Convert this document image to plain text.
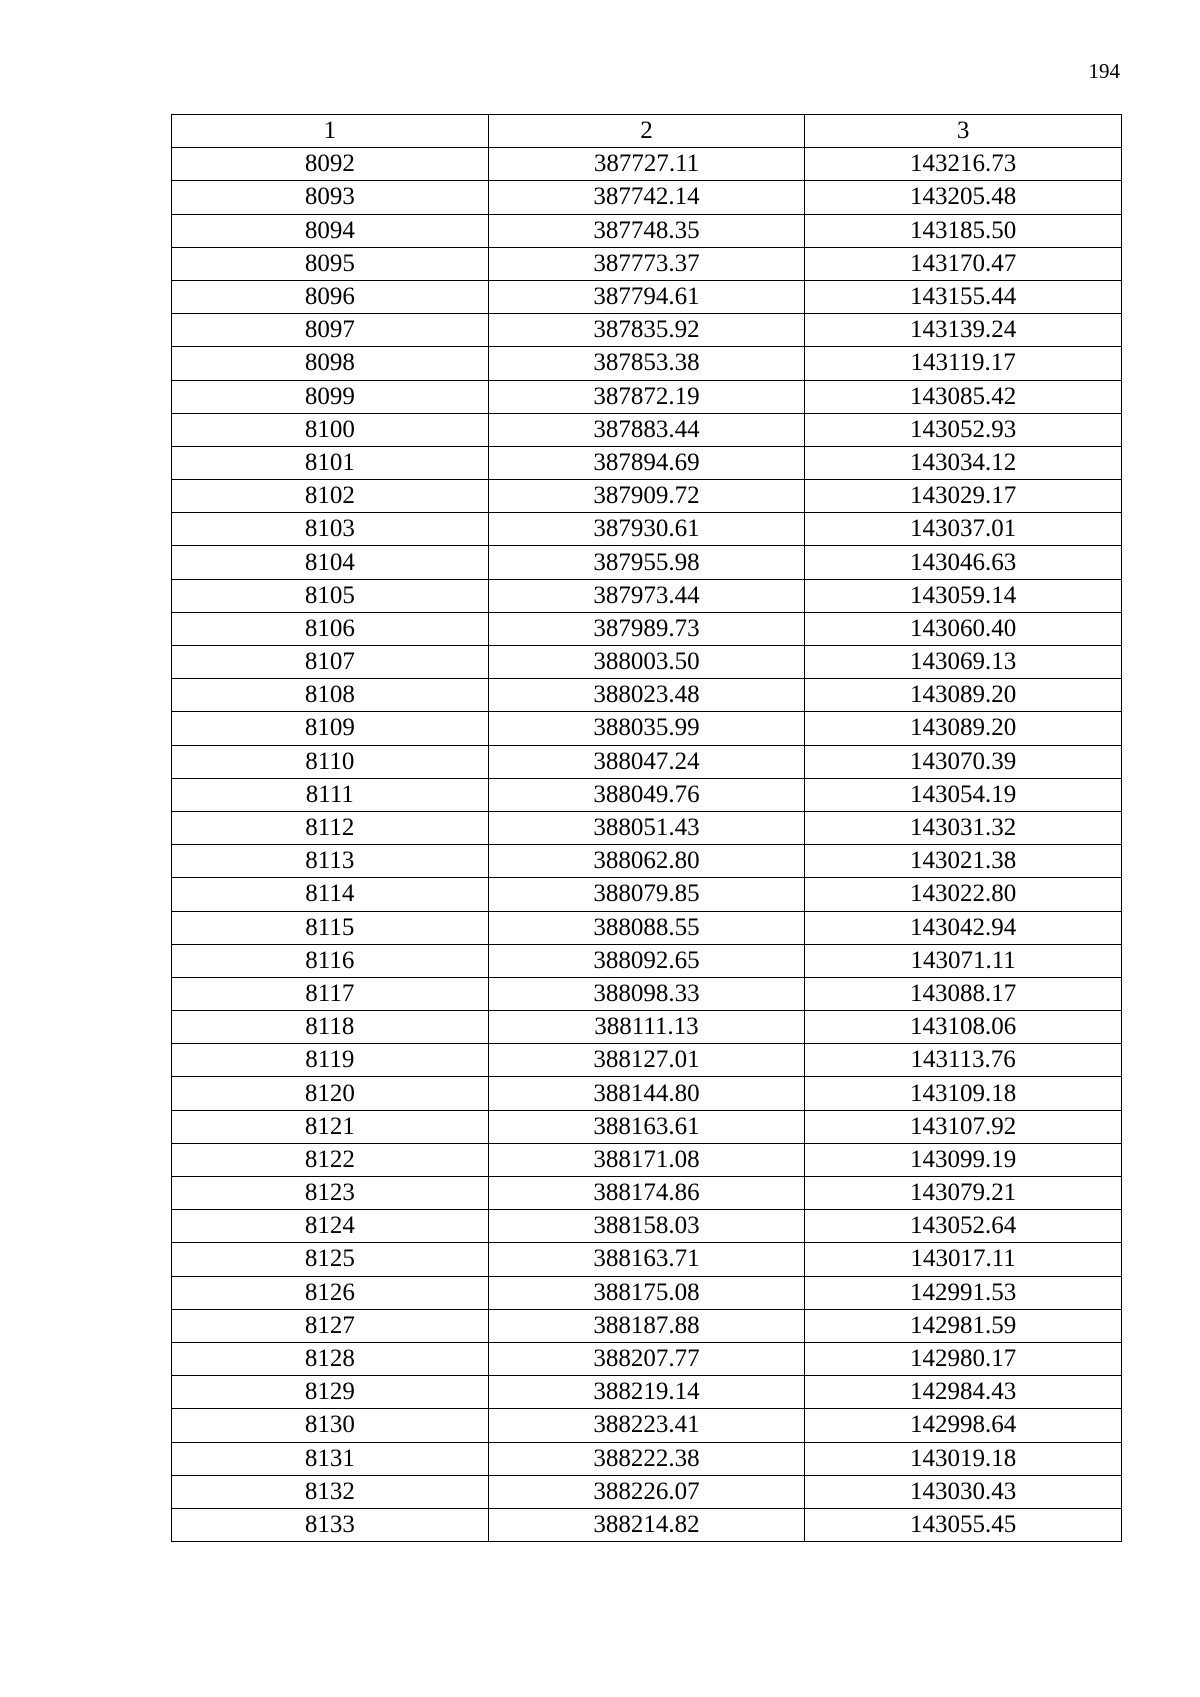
194
1	2	3
8092	387727.11	143216.73
8093	387742.14	143205.48
8094	387748.35	143185.50
8095	387773.37	143170.47
8096	387794.61	143155.44
8097	387835.92	143139.24
8098	387853.38	143119.17
8099	387872.19	143085.42
8100	387883.44	143052.93
8101	387894.69	143034.12
8102	387909.72	143029.17
8103	387930.61	143037.01
8104	387955.98	143046.63
8105	387973.44	143059.14
8106	387989.73	143060.40
8107	388003.50	143069.13
8108	388023.48	143089.20
8109	388035.99	143089.20
8110	388047.24	143070.39
8111	388049.76	143054.19
8112	388051.43	143031.32
8113	388062.80	143021.38
8114	388079.85	143022.80
8115	388088.55	143042.94
8116	388092.65	143071.11
8117	388098.33	143088.17
8118	388111.13	143108.06
8119	388127.01	143113.76
8120	388144.80	143109.18
8121	388163.61	143107.92
8122	388171.08	143099.19
8123	388174.86	143079.21
8124	388158.03	143052.64
8125	388163.71	143017.11
8126	388175.08	142991.53
8127	388187.88	142981.59
8128	388207.77	142980.17
8129	388219.14	142984.43
8130	388223.41	142998.64
8131	388222.38	143019.18
8132	388226.07	143030.43
8133	388214.82	143055.45
